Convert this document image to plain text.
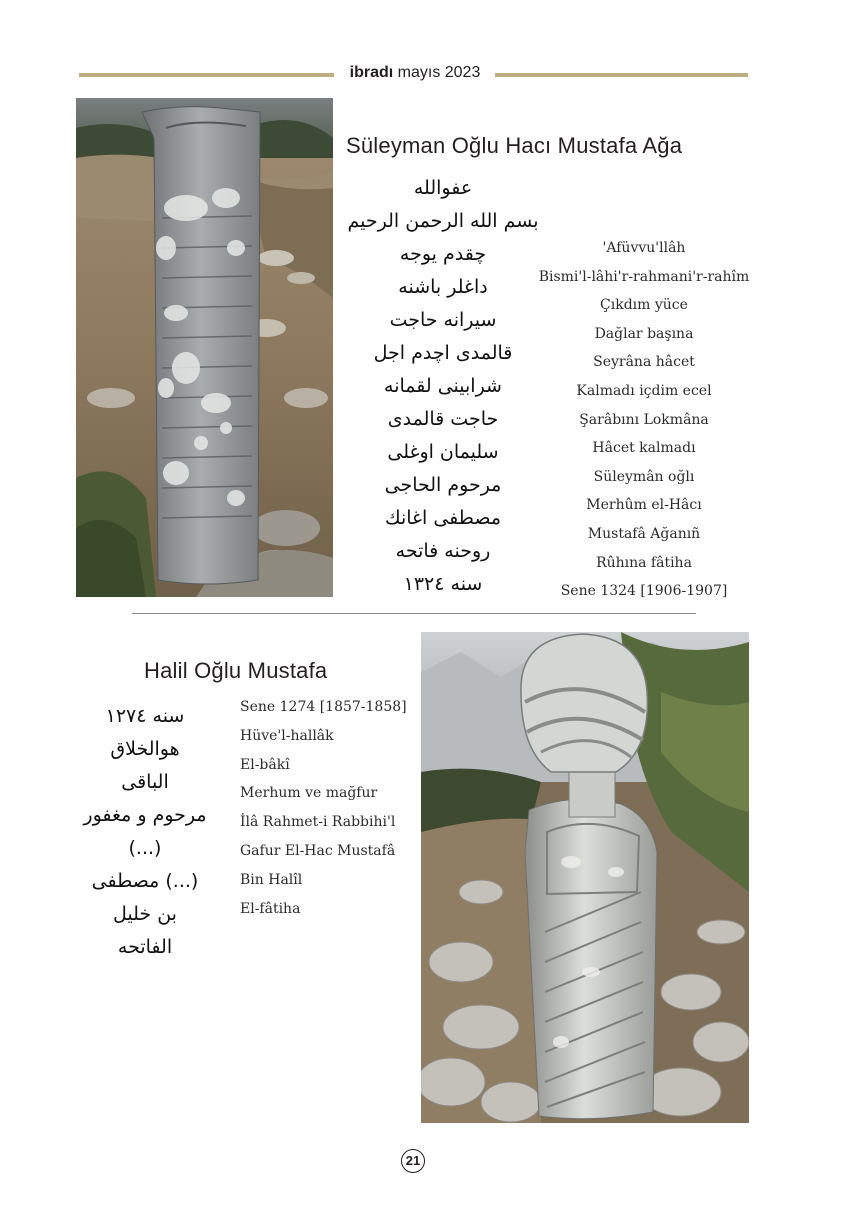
ibradı mayıs 2023
Süleyman Oğlu Hacı Mustafa Ağa
عفوالله
بسم الله الرحمن الرحيم
چقدم يوجه
داغلر باشنه
سيرانه حاجت
قالمدى اچدم اجل
شرابينى لقمانه
حاجت قالمدى
سليمان اوغلى
مرحوم الحاجى
مصطفى اغانك
روحنه فاتحه
سنه ١٣٢٤
'Afüvvu'llâh
Bismi'l-lâhi'r-rahmani'r-rahîm
Çıkdım yüce
Dağlar başına
Seyrâna hâcet
Kalmadı içdim ecel
Şarâbını Lokmâna
Hâcet kalmadı
Süleymân oğlı
Merhûm el-Hâcı
Mustafâ Ağanıñ
Rûhına fâtiha
Sene 1324 [1906-1907]
Halil Oğlu Mustafa
سنه ١٢٧٤
هوالخلاق
الباقى
مرحوم و مغفور
(...)
(...) مصطفى
بن خليل
الفاتحه
Sene 1274 [1857-1858]
Hüve'l-hallâk
El-bâkî
Merhum ve mağfur
İlâ Rahmet-i Rabbihi'l
Gafur El-Hac Mustafâ
Bin Halîl
El-fâtiha
21
